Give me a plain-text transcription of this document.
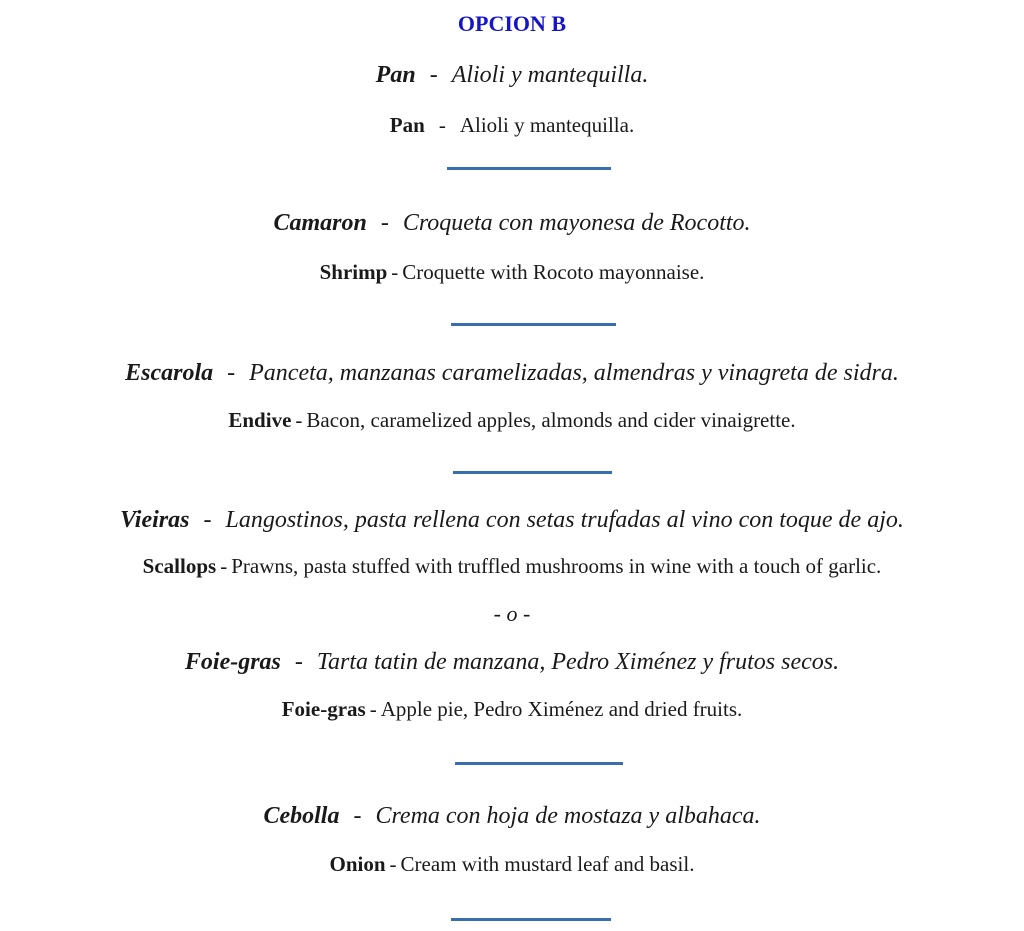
OPCION B
Pan - Alioli y mantequilla.
Pan - Alioli y mantequilla.
Camaron - Croqueta con mayonesa de Rocotto.
Shrimp - Croquette with Rocoto mayonnaise.
Escarola - Panceta, manzanas caramelizadas, almendras y vinagreta de sidra.
Endive - Bacon, caramelized apples, almonds and cider vinaigrette.
Vieiras - Langostinos, pasta rellena con setas trufadas al vino con toque de ajo.
Scallops - Prawns, pasta stuffed with truffled mushrooms in wine with a touch of garlic.
- o -
Foie-gras - Tarta tatin de manzana, Pedro Ximénez y frutos secos.
Foie-gras - Apple pie, Pedro Ximénez and dried fruits.
Cebolla - Crema con hoja de mostaza y albahaca.
Onion - Cream with mustard leaf and basil.
